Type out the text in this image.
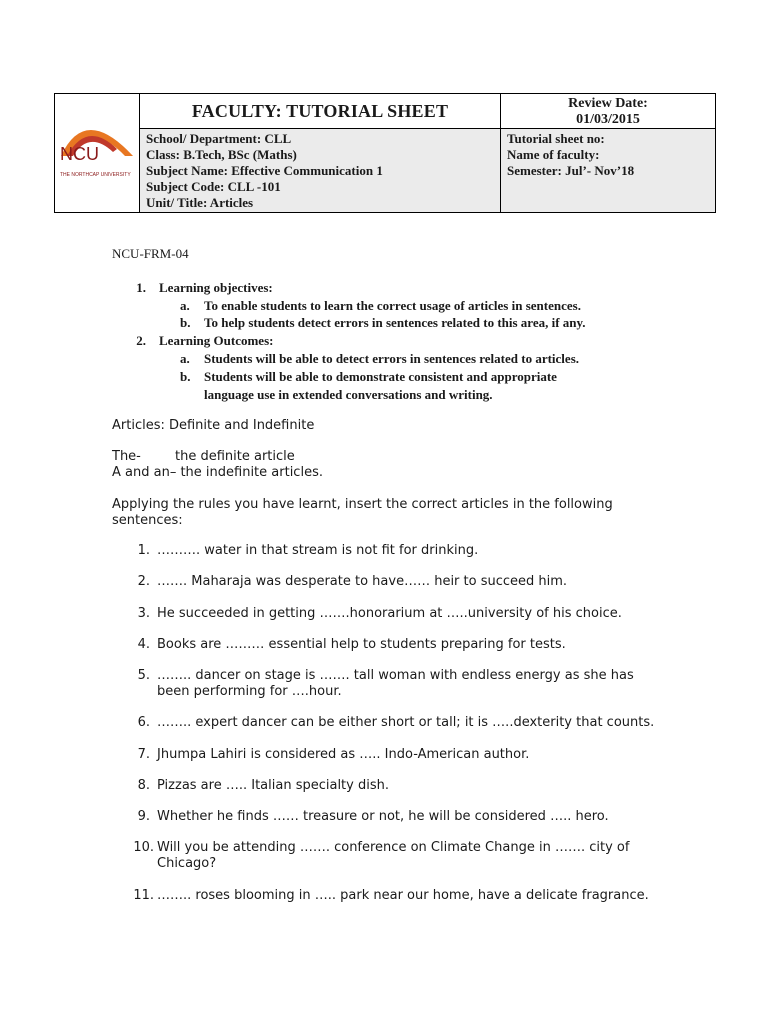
NCU
THE NORTHCAP UNIVERSITY
FACULTY: TUTORIAL SHEET	Review Date:
01/03/2015
School/ Department: CLL
Class: B.Tech, BSc (Maths)
Subject Name: Effective Communication 1
Subject Code: CLL -101
Unit/ Title: Articles
Tutorial sheet no:
Name of faculty:
Semester: Jul’- Nov’18
NCU-FRM-04
1. Learning objectives:
a. To enable students to learn the correct usage of articles in sentences.
b. To help students detect errors in sentences related to this area, if any.
2. Learning Outcomes:
a. Students will be able to detect errors in sentences related to articles.
b. Students will be able to demonstrate consistent and appropriate
language use in extended conversations and writing.
Articles: Definite and Indefinite
The-	the definite article
A and an– the indefinite articles.
Applying the rules you have learnt, insert the correct articles in the following
sentences:
1. ………. water in that stream is not fit for drinking.
2. ……. Maharaja was desperate to have…… heir to succeed him.
3. He succeeded in getting …….honorarium at …..university of his choice.
4. Books are ……… essential help to students preparing for tests.
5. …….. dancer on stage is ……. tall woman with endless energy as she has
been performing for ….hour.
6. …….. expert dancer can be either short or tall; it is …..dexterity that counts.
7. Jhumpa Lahiri is considered as ….. Indo-American author.
8. Pizzas are ….. Italian specialty dish.
9. Whether he finds …… treasure or not, he will be considered ….. hero.
10. Will you be attending ……. conference on Climate Change in ……. city of
Chicago?
11. …….. roses blooming in ….. park near our home, have a delicate fragrance.
